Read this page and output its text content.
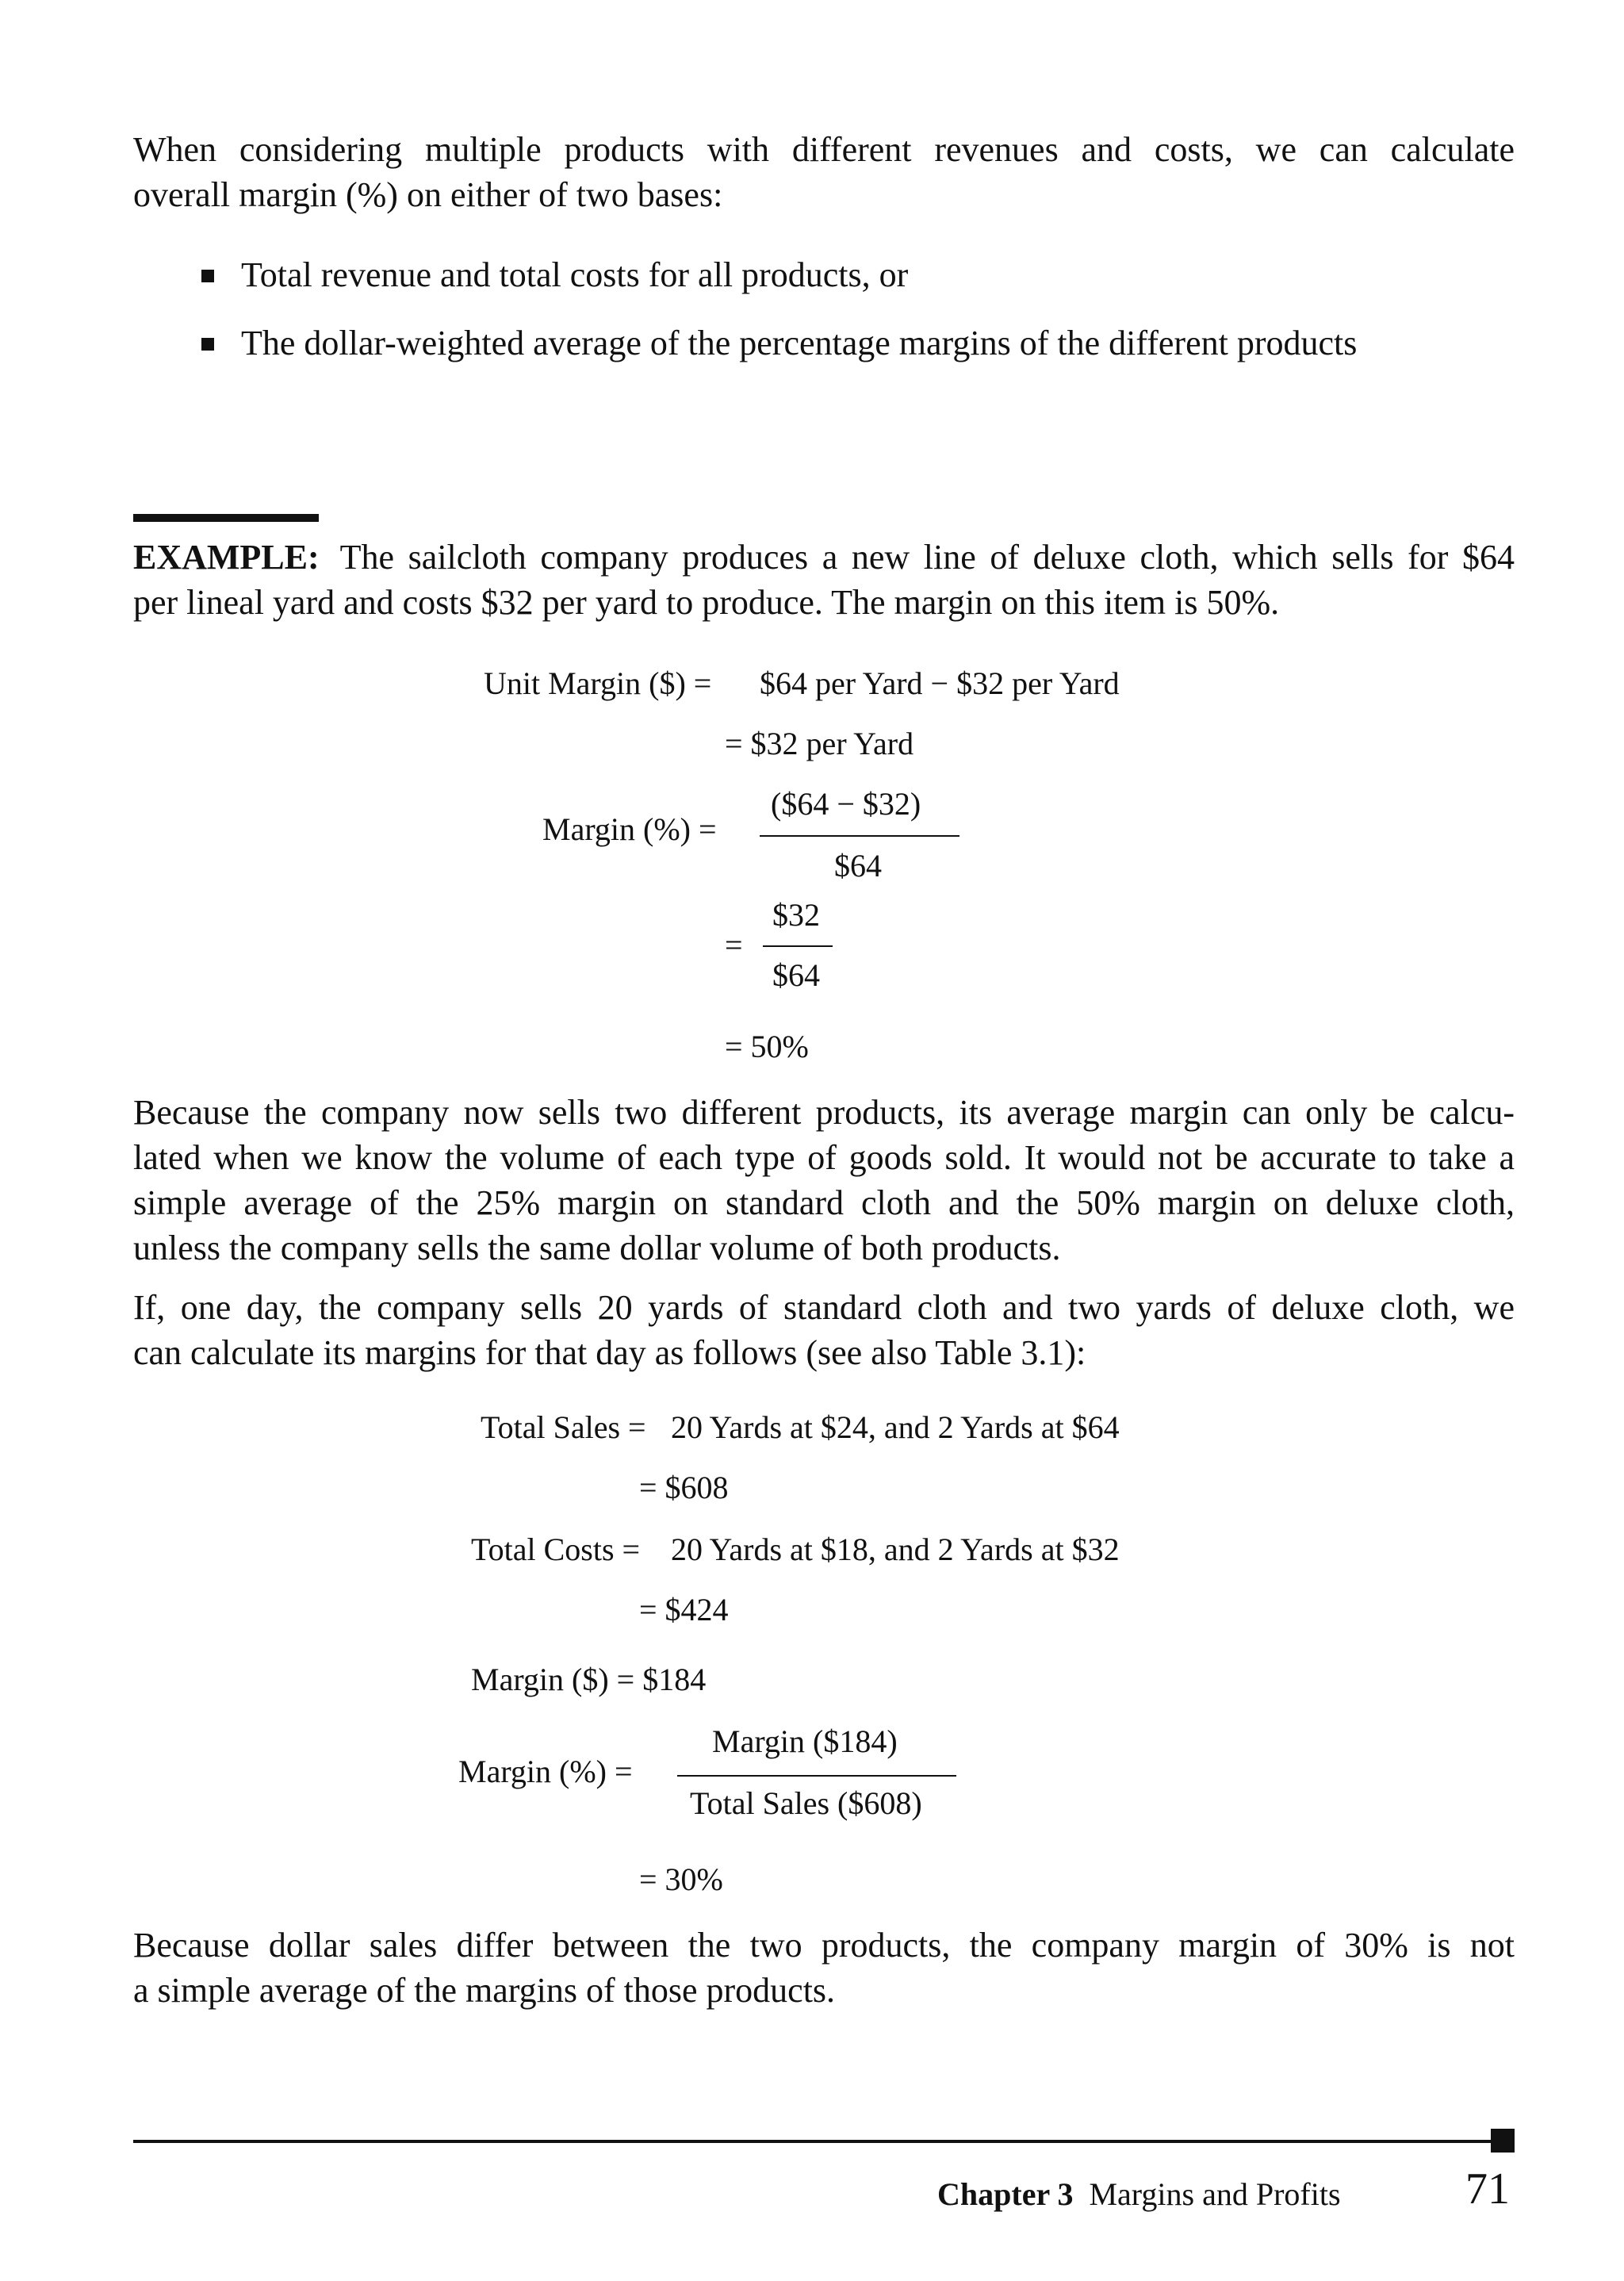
When considering multiple products with different revenues and costs, we can calculate
overall margin (%) on either of two bases:
Total revenue and total costs for all products, or
The dollar-weighted average of the percentage margins of the different products
EXAMPLE: The sailcloth company produces a new line of deluxe cloth, which sells for $64
per lineal yard and costs $32 per yard to produce. The margin on this item is 50%.
Unit Margin ($) = $64 per Yard − $32 per Yard
= $32 per Yard
Margin (%) =
($64 − $32)
$64
=
$32
$64
= 50%
Because the company now sells two different products, its average margin can only be calcu-
lated when we know the volume of each type of goods sold. It would not be accurate to take a
simple average of the 25% margin on standard cloth and the 50% margin on deluxe cloth,
unless the company sells the same dollar volume of both products.
If, one day, the company sells 20 yards of standard cloth and two yards of deluxe cloth, we
can calculate its margins for that day as follows (see also Table 3.1):
Total Sales = 20 Yards at $24, and 2 Yards at $64
= $608
Total Costs = 20 Yards at $18, and 2 Yards at $32
= $424
Margin ($) = $184
Margin (%) =
Margin ($184)
Total Sales ($608)
= 30%
Because dollar sales differ between the two products, the company margin of 30% is not
a simple average of the margins of those products.
Chapter 3 Margins and Profits	71
